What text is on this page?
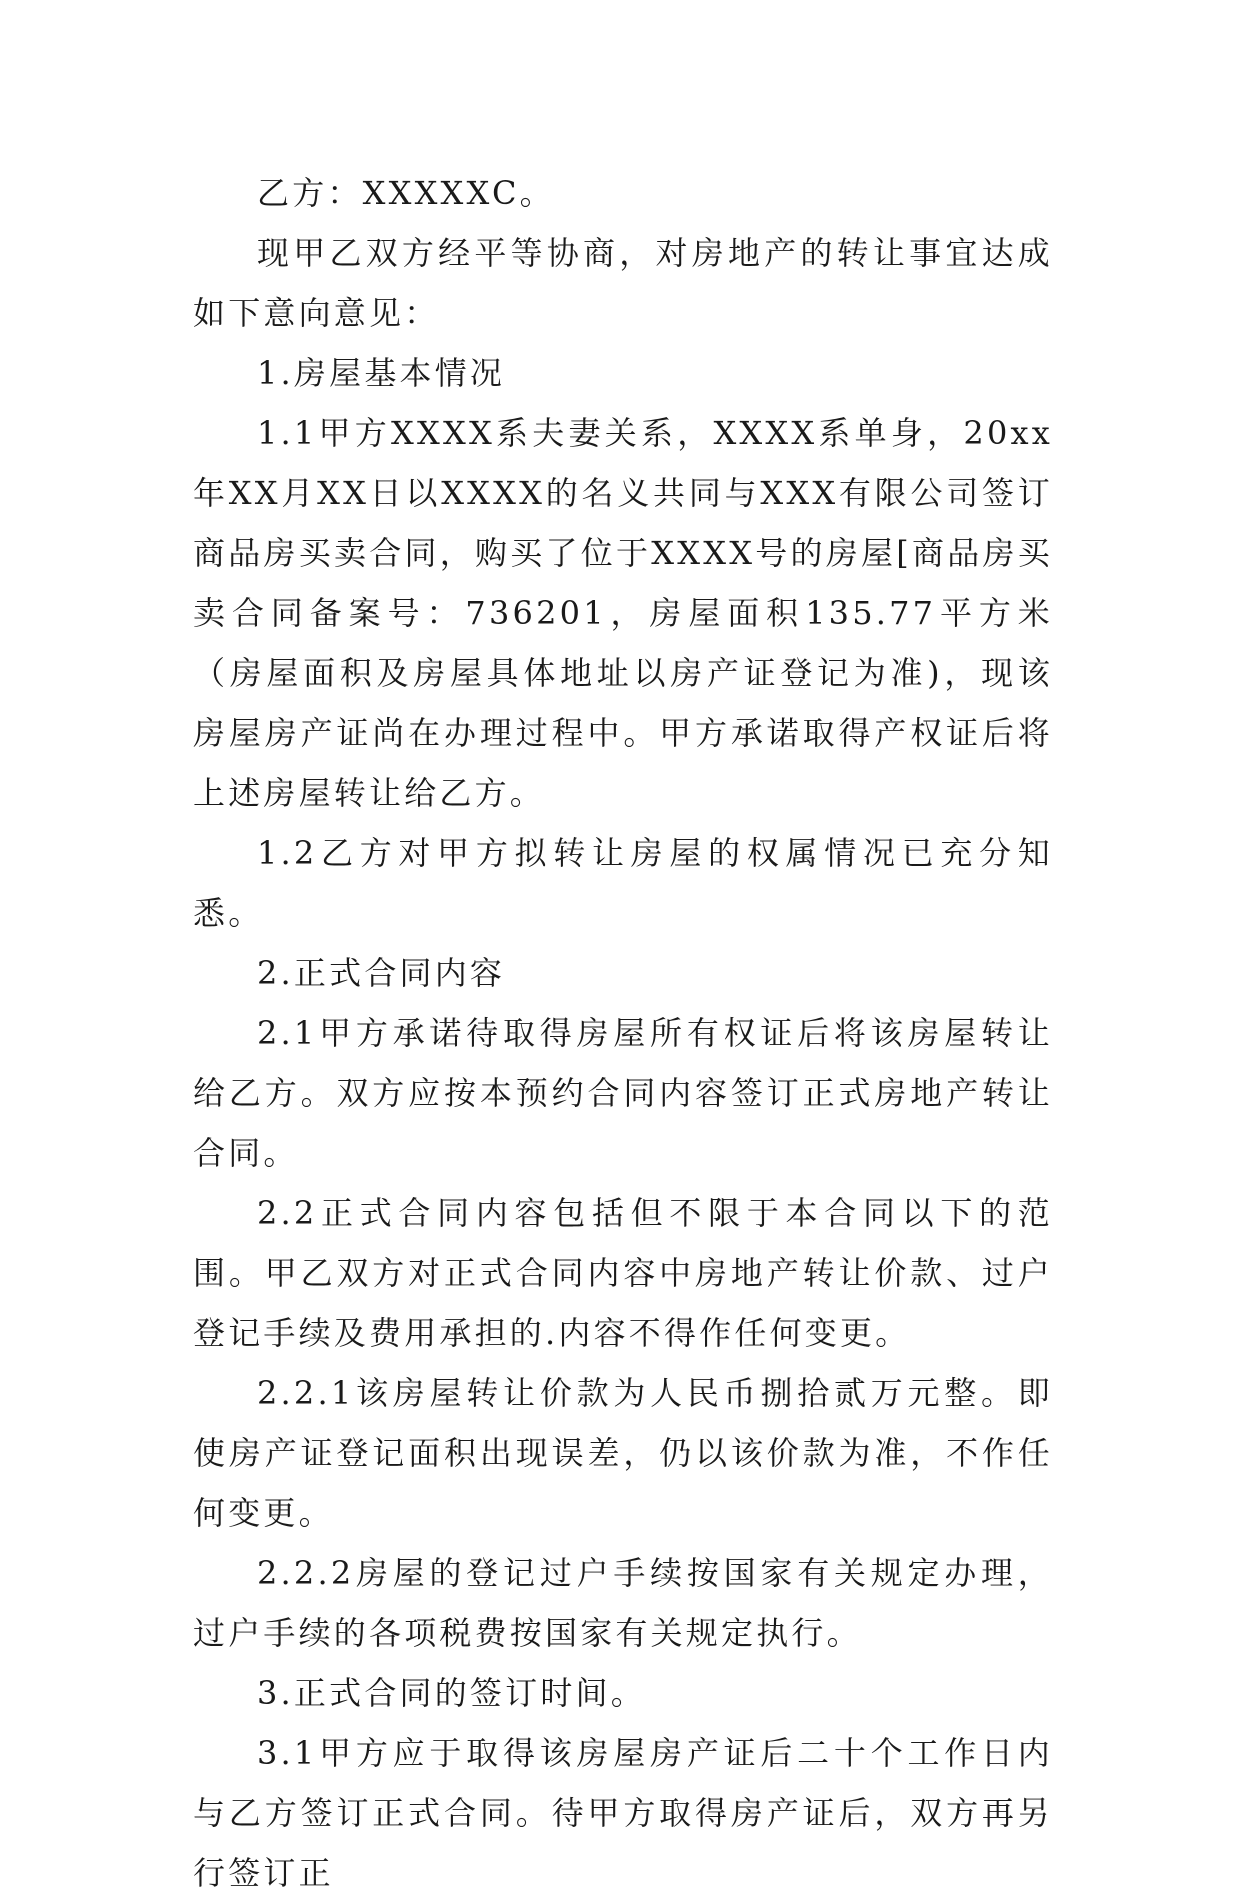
乙方：XXXXXC。

现甲乙双方经平等协商，对房地产的转让事宜达成如下意向意见：

1.房屋基本情况

1.1甲方XXXX系夫妻关系，XXXX系单身，20xx年XX月XX日以XXXX的名义共同与XXX有限公司签订商品房买卖合同，购买了位于XXXX号的房屋[商品房买卖合同备案号：736201，房屋面积135.77平方米（房屋面积及房屋具体地址以房产证登记为准)，现该房屋房产证尚在办理过程中。甲方承诺取得产权证后将上述房屋转让给乙方。

1.2乙方对甲方拟转让房屋的权属情况已充分知悉。

2.正式合同内容

2.1甲方承诺待取得房屋所有权证后将该房屋转让给乙方。双方应按本预约合同内容签订正式房地产转让合同。

2.2正式合同内容包括但不限于本合同以下的范围。甲乙双方对正式合同内容中房地产转让价款、过户登记手续及费用承担的.内容不得作任何变更。

2.2.1该房屋转让价款为人民币捌拾贰万元整。即使房产证登记面积出现误差，仍以该价款为准，不作任何变更。

2.2.2房屋的登记过户手续按国家有关规定办理，过户手续的各项税费按国家有关规定执行。

3.正式合同的签订时间。

3.1甲方应于取得该房屋房产证后二十个工作日内与乙方签订正式合同。待甲方取得房产证后，双方再另行签订正
